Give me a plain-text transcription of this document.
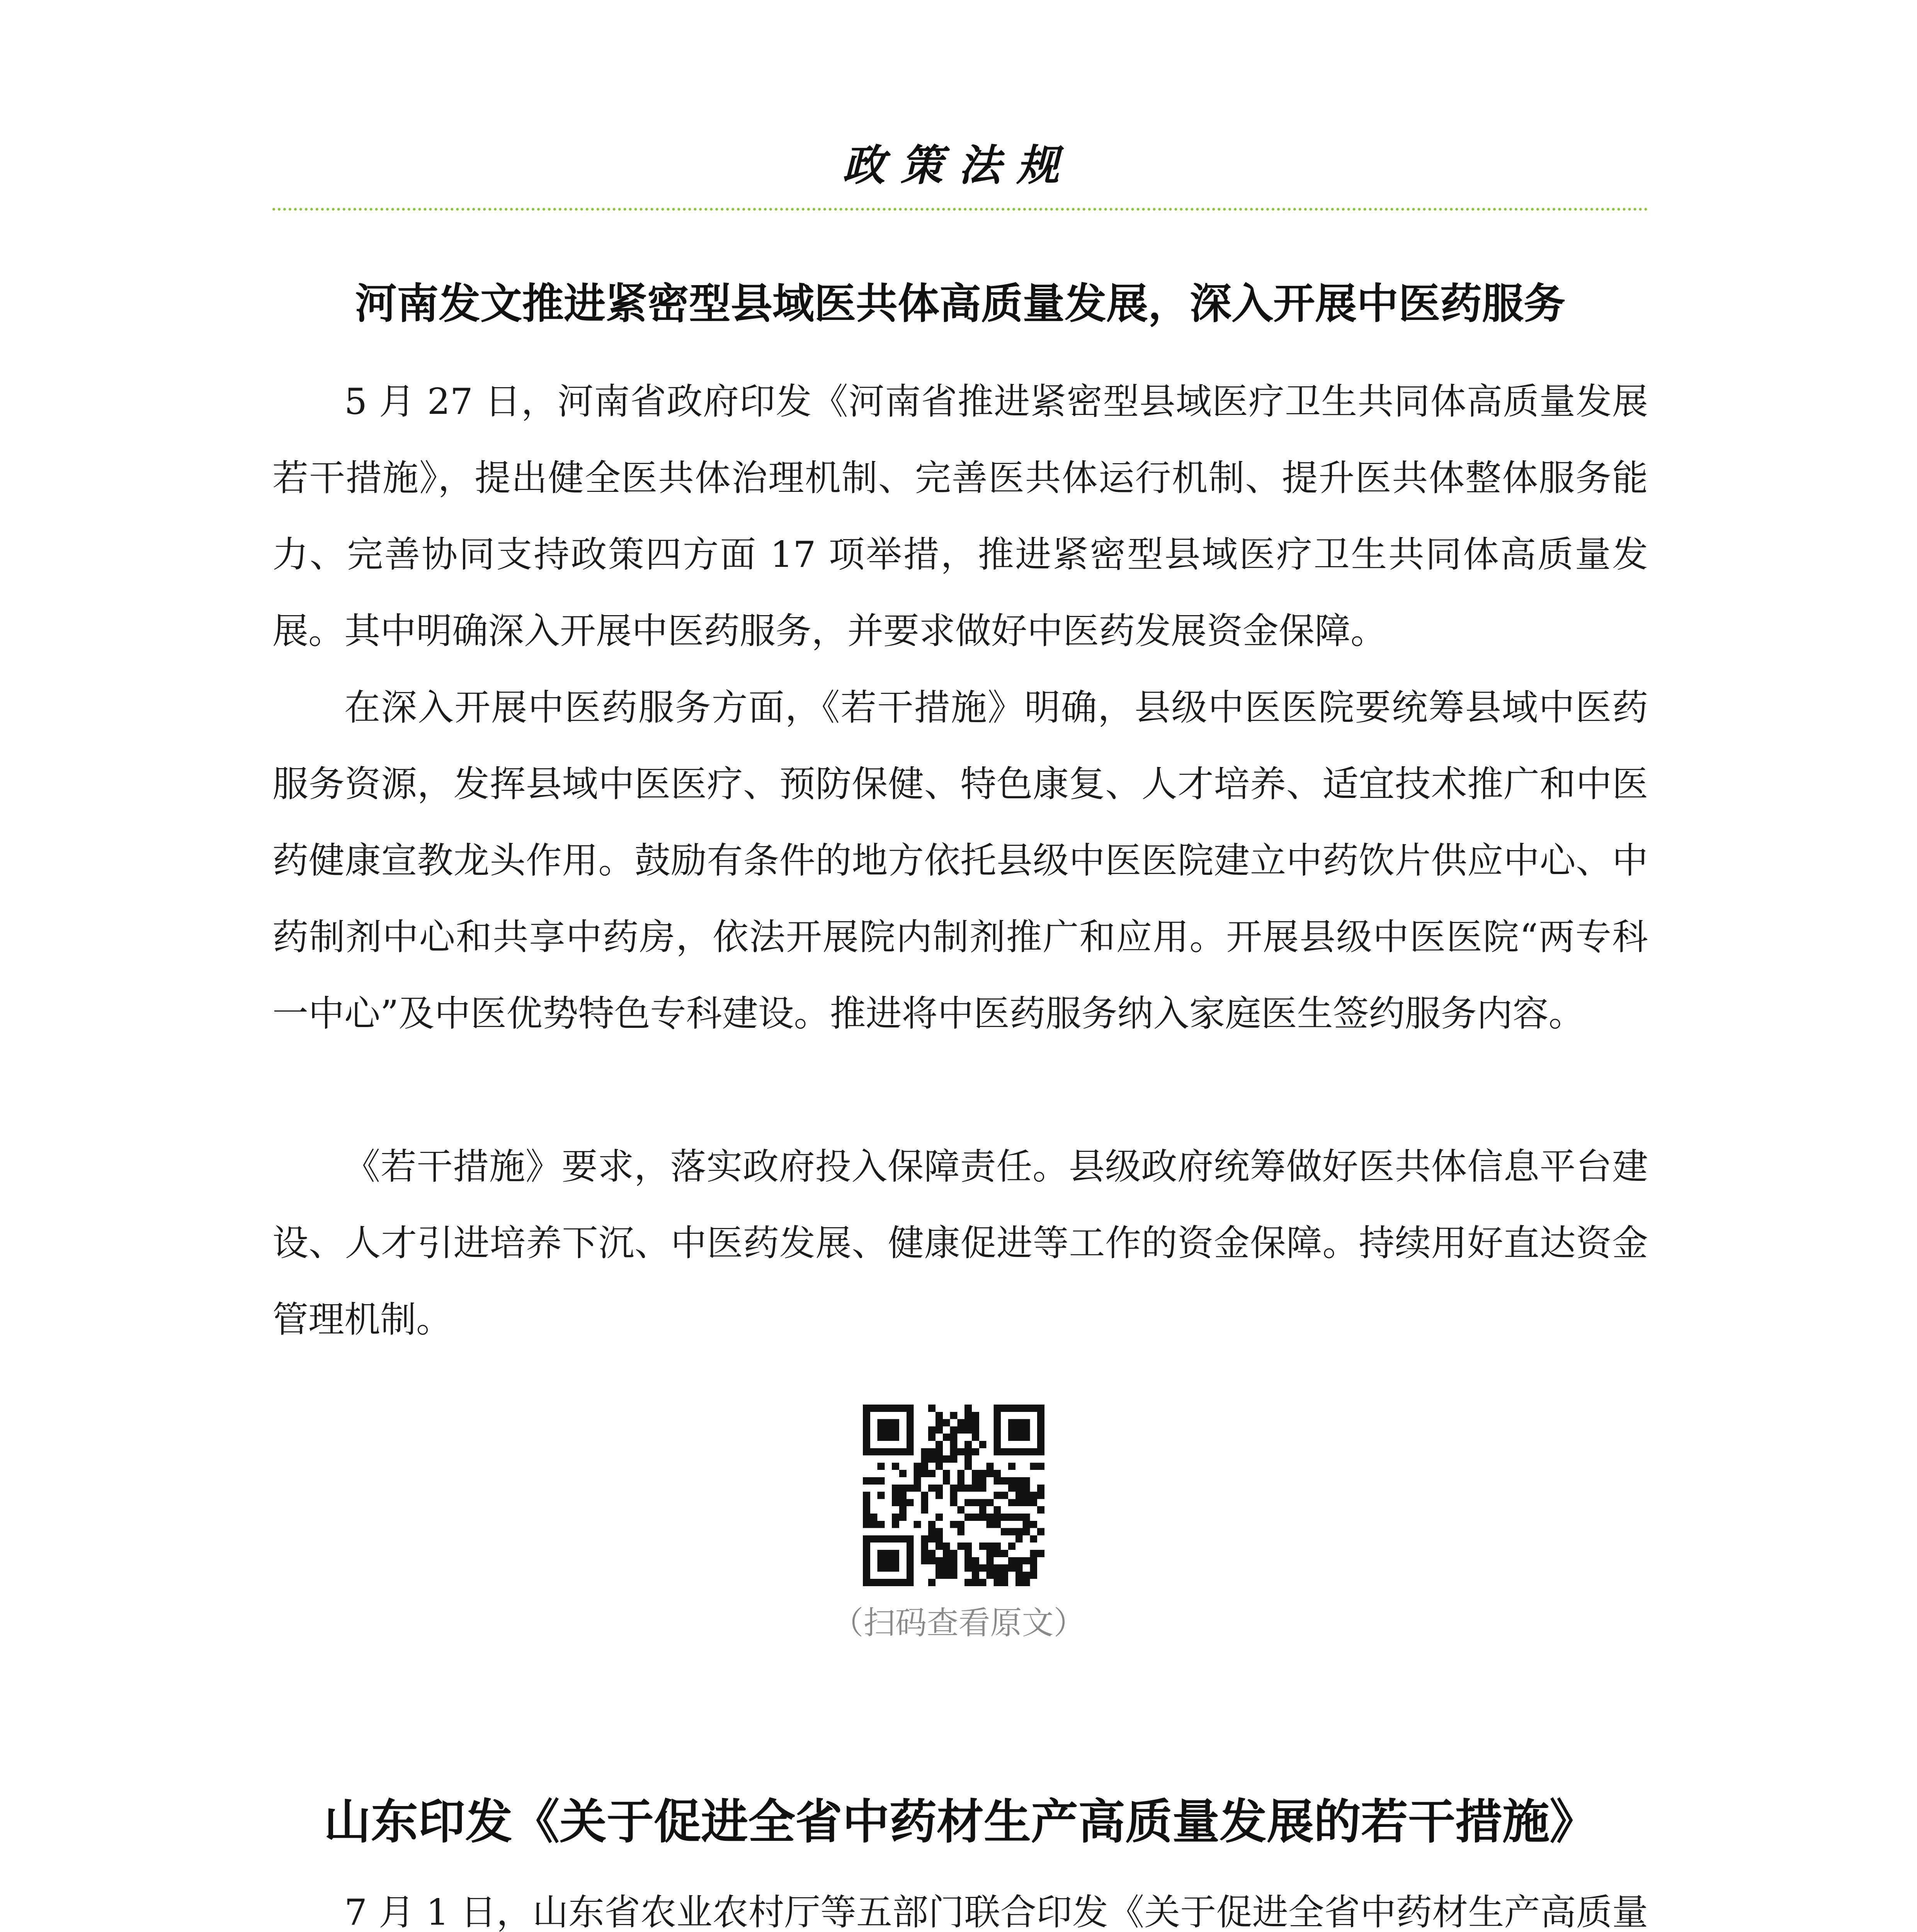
政策法规
河南发文推进紧密型县域医共体高质量发展，深入开展中医药服务

5 月 27 日，河南省政府印发《河南省推进紧密型县域医疗卫生共同体高质量发展若干措施》，提出健全医共体治理机制、完善医共体运行机制、提升医共体整体服务能力、完善协同支持政策四方面 17 项举措，推进紧密型县域医疗卫生共同体高质量发展。其中明确深入开展中医药服务，并要求做好中医药发展资金保障。

在深入开展中医药服务方面，《若干措施》明确，县级中医医院要统筹县域中医药服务资源，发挥县域中医医疗、预防保健、特色康复、人才培养、适宜技术推广和中医药健康宣教龙头作用。鼓励有条件的地方依托县级中医医院建立中药饮片供应中心、中药制剂中心和共享中药房，依法开展院内制剂推广和应用。开展县级中医医院“两专科一中心”及中医优势特色专科建设。推进将中医药服务纳入家庭医生签约服务内容。

《若干措施》要求，落实政府投入保障责任。县级政府统筹做好医共体信息平台建设、人才引进培养下沉、中医药发展、健康促进等工作的资金保障。持续用好直达资金管理机制。

（扫码查看原文）
山东印发《关于促进全省中药材生产高质量发展的若干措施》

7 月 1 日，山东省农业农村厅等五部门联合印发《关于促进全省中药材生产高质量
